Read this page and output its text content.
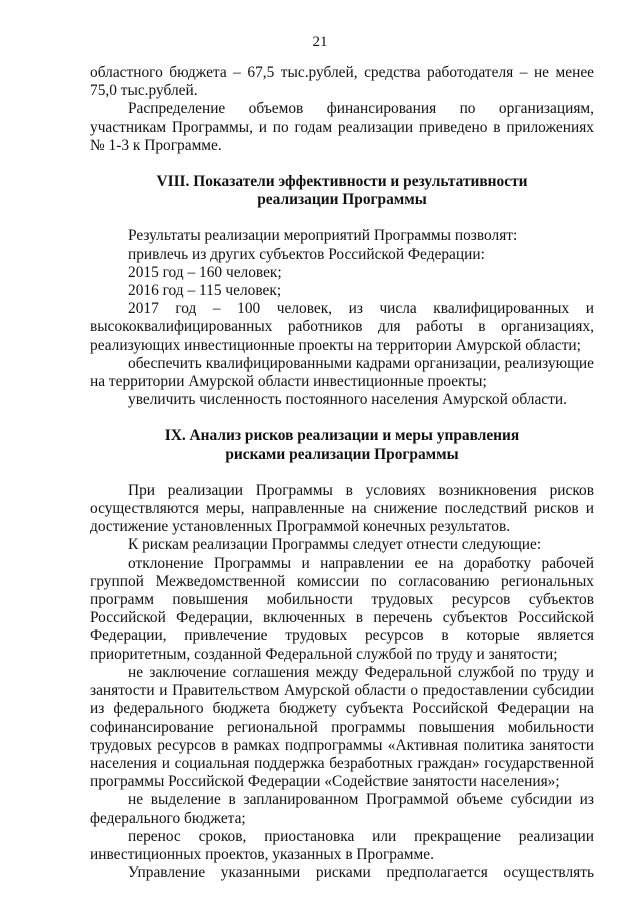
21

областного бюджета – 67,5 тыс.рублей, средства работодателя – не менее 75,0 тыс.рублей.

Распределение объемов финансирования по организациям, участникам Программы, и по годам реализации приведено в приложениях № 1-3 к Программе.

VIII. Показатели эффективности и результативности реализации Программы

Результаты реализации мероприятий Программы позволят:

привлечь из других субъектов Российской Федерации:

2015 год – 160 человек;

2016 год – 115 человек;

2017 год – 100 человек, из числа квалифицированных и высококвалифицированных работников для работы в организациях, реализующих инвестиционные проекты на территории Амурской области;

обеспечить квалифицированными кадрами организации, реализующие на территории Амурской области инвестиционные проекты;

увеличить численность постоянного населения Амурской области.

IX. Анализ рисков реализации и меры управления рисками реализации Программы

При реализации Программы в условиях возникновения рисков осуществляются меры, направленные на снижение последствий рисков и достижение установленных Программой конечных результатов.

К рискам реализации Программы следует отнести следующие:

отклонение Программы и направлении ее на доработку рабочей группой Межведомственной комиссии по согласованию региональных программ повышения мобильности трудовых ресурсов субъектов Российской Федерации, включенных в перечень субъектов Российской Федерации, привлечение трудовых ресурсов в которые является приоритетным, созданной Федеральной службой по труду и занятости;

не заключение соглашения между Федеральной службой по труду и занятости и Правительством Амурской области о предоставлении субсидии из федерального бюджета бюджету субъекта Российской Федерации на софинансирование региональной программы повышения мобильности трудовых ресурсов в рамках подпрограммы «Активная политика занятости населения и социальная поддержка безработных граждан» государственной программы Российской Федерации «Содействие занятости населения»;

не выделение в запланированном Программой объеме субсидии из федерального бюджета;

перенос сроков, приостановка или прекращение реализации инвестиционных проектов, указанных в Программе.

Управление указанными рисками предполагается осуществлять
